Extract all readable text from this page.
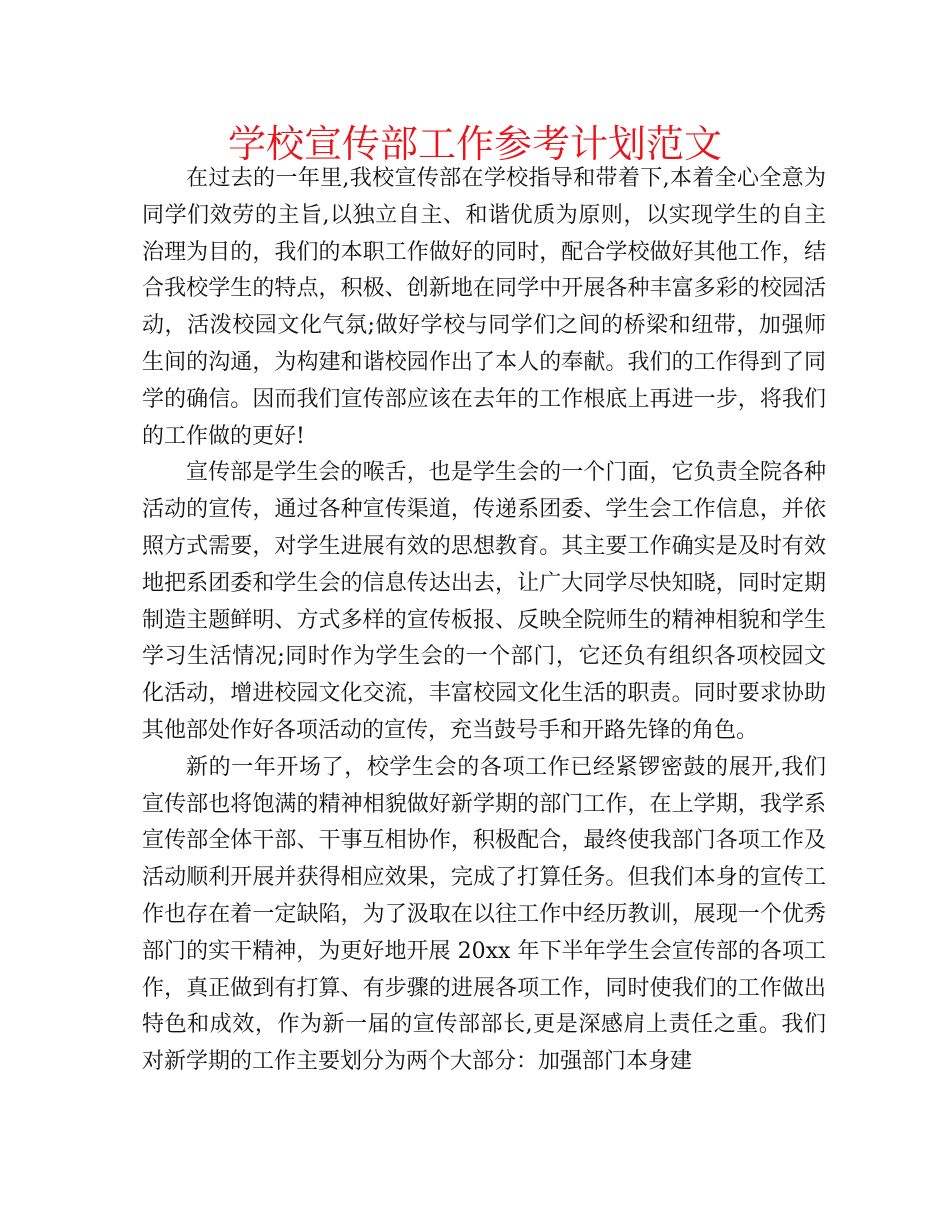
学校宣传部工作参考计划范文

在过去的一年里,我校宣传部在学校指导和带着下,本着全心全意为同学们效劳的主旨,以独立自主、和谐优质为原则，以实现学生的自主治理为目的，我们的本职工作做好的同时，配合学校做好其他工作，结合我校学生的特点，积极、创新地在同学中开展各种丰富多彩的校园活动，活泼校园文化气氛;做好学校与同学们之间的桥梁和纽带，加强师生间的沟通，为构建和谐校园作出了本人的奉献。我们的工作得到了同学的确信。因而我们宣传部应该在去年的工作根底上再进一步，将我们的工作做的更好!

宣传部是学生会的喉舌，也是学生会的一个门面，它负责全院各种活动的宣传，通过各种宣传渠道，传递系团委、学生会工作信息，并依照方式需要，对学生进展有效的思想教育。其主要工作确实是及时有效地把系团委和学生会的信息传达出去，让广大同学尽快知晓，同时定期制造主题鲜明、方式多样的宣传板报、反映全院师生的精神相貌和学生学习生活情况;同时作为学生会的一个部门，它还负有组织各项校园文化活动，增进校园文化交流，丰富校园文化生活的职责。同时要求协助其他部处作好各项活动的宣传，充当鼓号手和开路先锋的角色。

新的一年开场了，校学生会的各项工作已经紧锣密鼓的展开,我们宣传部也将饱满的精神相貌做好新学期的部门工作，在上学期，我学系宣传部全体干部、干事互相协作，积极配合，最终使我部门各项工作及活动顺利开展并获得相应效果，完成了打算任务。但我们本身的宣传工作也存在着一定缺陷，为了汲取在以往工作中经历教训，展现一个优秀部门的实干精神，为更好地开展 20xx 年下半年学生会宣传部的各项工作，真正做到有打算、有步骤的进展各项工作，同时使我们的工作做出特色和成效，作为新一届的宣传部部长,更是深感肩上责任之重。我们对新学期的工作主要划分为两个大部分：加强部门本身建
